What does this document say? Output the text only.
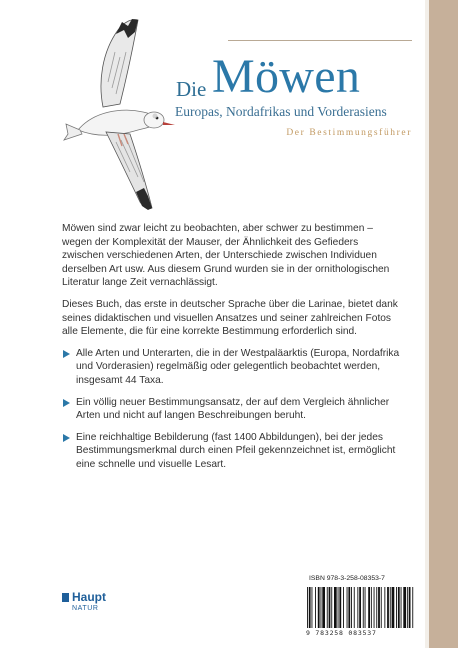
Möwen
Die
Europas, Nordafrikas und Vorderasiens
Der Bestimmungsführer

Möwen sind zwar leicht zu beobachten, aber schwer zu bestimmen – wegen der Komplexität der Mauser, der Ähnlichkeit des Gefieders zwischen verschiedenen Arten, der Unterschiede zwischen Individuen derselben Art usw. Aus diesem Grund wurden sie in der ornithologischen Literatur lange Zeit vernachlässigt.

Dieses Buch, das erste in deutscher Sprache über die Larinae, bietet dank seines didaktischen und visuellen Ansatzes und seiner zahlreichen Fotos alle Elemente, die für eine korrekte Bestimmung erforderlich sind.

Alle Arten und Unterarten, die in der Westpaläarktis (Europa, Nordafrika und Vorderasien) regelmäßig oder gelegentlich beobachtet werden, insgesamt 44 Taxa.
Ein völlig neuer Bestimmungsansatz, der auf dem Vergleich ähnlicher Arten und nicht auf langen Beschreibungen beruht.
Eine reichhaltige Bebilderung (fast 1400 Abbildungen), bei der jedes Bestimmungsmerkmal durch einen Pfeil gekennzeichnet ist, ermöglicht eine schnelle und visuelle Lesart.
Haupt
NATUR
ISBN 978-3-258-08353-7
9 783258 083537
